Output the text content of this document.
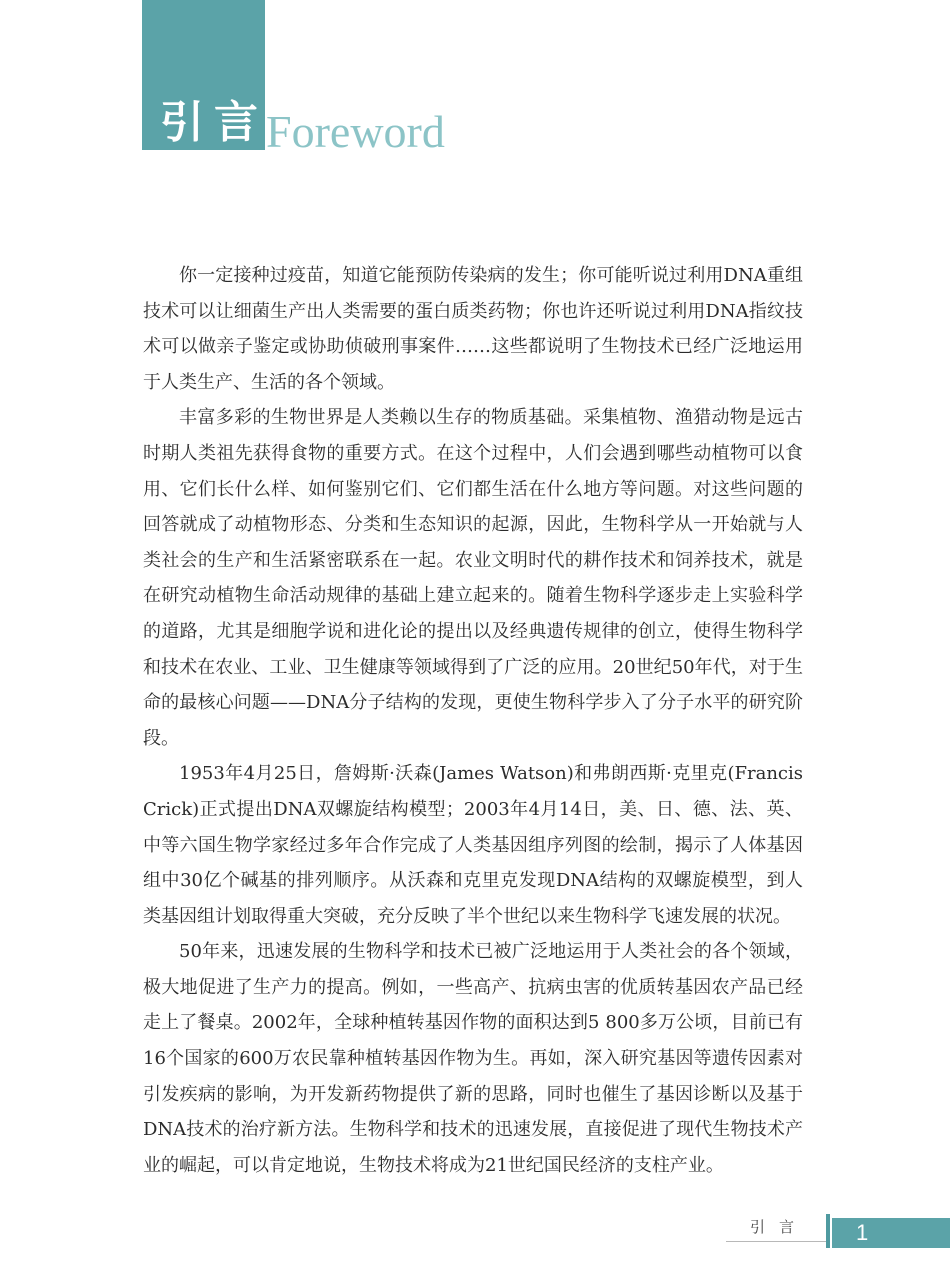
引言
Foreword

你一定接种过疫苗，知道它能预防传染病的发生；你可能听说过利用DNA重组技术可以让细菌生产出人类需要的蛋白质类药物；你也许还听说过利用DNA指纹技术可以做亲子鉴定或协助侦破刑事案件……这些都说明了生物技术已经广泛地运用于人类生产、生活的各个领域。

丰富多彩的生物世界是人类赖以生存的物质基础。采集植物、渔猎动物是远古时期人类祖先获得食物的重要方式。在这个过程中，人们会遇到哪些动植物可以食用、它们长什么样、如何鉴别它们、它们都生活在什么地方等问题。对这些问题的回答就成了动植物形态、分类和生态知识的起源，因此，生物科学从一开始就与人类社会的生产和生活紧密联系在一起。农业文明时代的耕作技术和饲养技术，就是在研究动植物生命活动规律的基础上建立起来的。随着生物科学逐步走上实验科学的道路，尤其是细胞学说和进化论的提出以及经典遗传规律的创立，使得生物科学和技术在农业、工业、卫生健康等领域得到了广泛的应用。20世纪50年代，对于生命的最核心问题——DNA分子结构的发现，更使生物科学步入了分子水平的研究阶段。

1953年4月25日，詹姆斯·沃森(James Watson)和弗朗西斯·克里克(Francis Crick)正式提出DNA双螺旋结构模型；2003年4月14日，美、日、德、法、英、中等六国生物学家经过多年合作完成了人类基因组序列图的绘制，揭示了人体基因组中30亿个碱基的排列顺序。从沃森和克里克发现DNA结构的双螺旋模型，到人类基因组计划取得重大突破，充分反映了半个世纪以来生物科学飞速发展的状况。

50年来，迅速发展的生物科学和技术已被广泛地运用于人类社会的各个领域，极大地促进了生产力的提高。例如，一些高产、抗病虫害的优质转基因农产品已经走上了餐桌。2002年，全球种植转基因作物的面积达到5 800多万公顷，目前已有16个国家的600万农民靠种植转基因作物为生。再如，深入研究基因等遗传因素对引发疾病的影响，为开发新药物提供了新的思路，同时也催生了基因诊断以及基于DNA技术的治疗新方法。生物科学和技术的迅速发展，直接促进了现代生物技术产业的崛起，可以肯定地说，生物技术将成为21世纪国民经济的支柱产业。

引言 1
